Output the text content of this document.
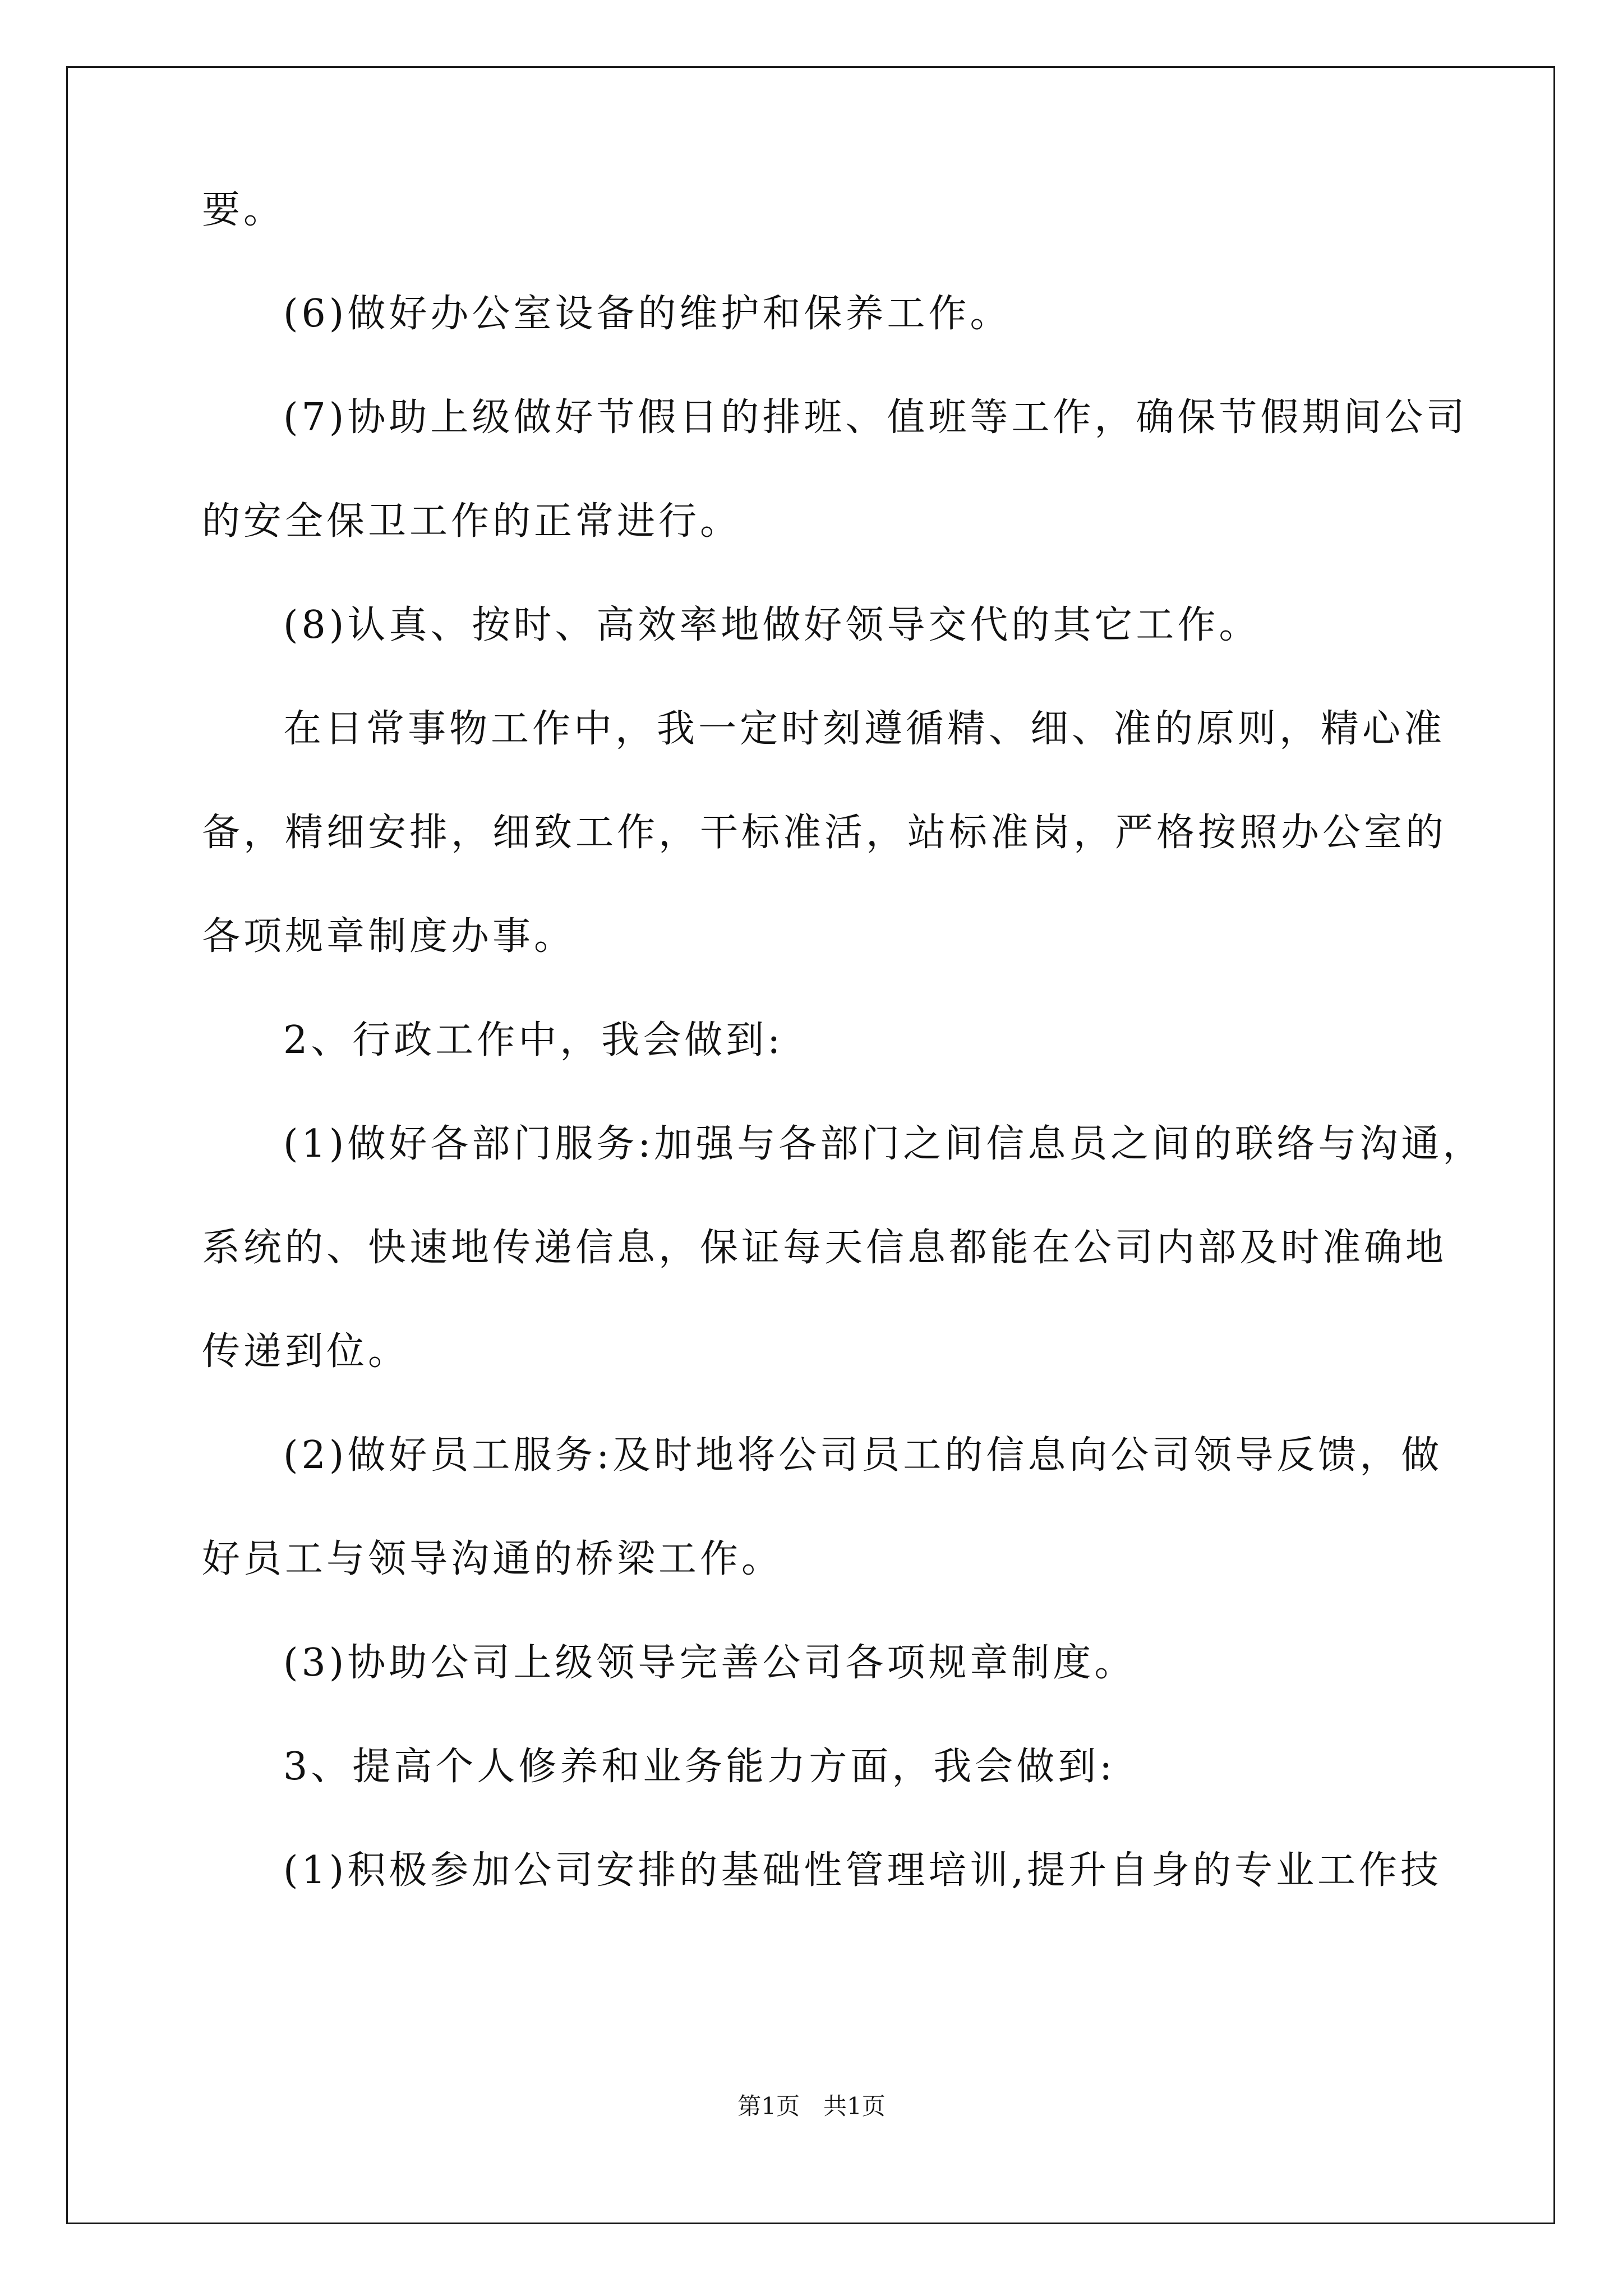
要。
(6)做好办公室设备的维护和保养工作。
(7)协助上级做好节假日的排班、值班等工作，确保节假期间公司
的安全保卫工作的正常进行。
(8)认真、按时、高效率地做好领导交代的其它工作。
在日常事物工作中，我一定时刻遵循精、细、准的原则，精心准
备，精细安排，细致工作，干标准活，站标准岗，严格按照办公室的
各项规章制度办事。
2、行政工作中，我会做到:
(1)做好各部门服务:加强与各部门之间信息员之间的联络与沟通，
系统的、快速地传递信息，保证每天信息都能在公司内部及时准确地
传递到位。
(2)做好员工服务:及时地将公司员工的信息向公司领导反馈，做
好员工与领导沟通的桥梁工作。
(3)协助公司上级领导完善公司各项规章制度。
3、提高个人修养和业务能力方面，我会做到:
(1)积极参加公司安排的基础性管理培训,提升自身的专业工作技
第1页　共1页
